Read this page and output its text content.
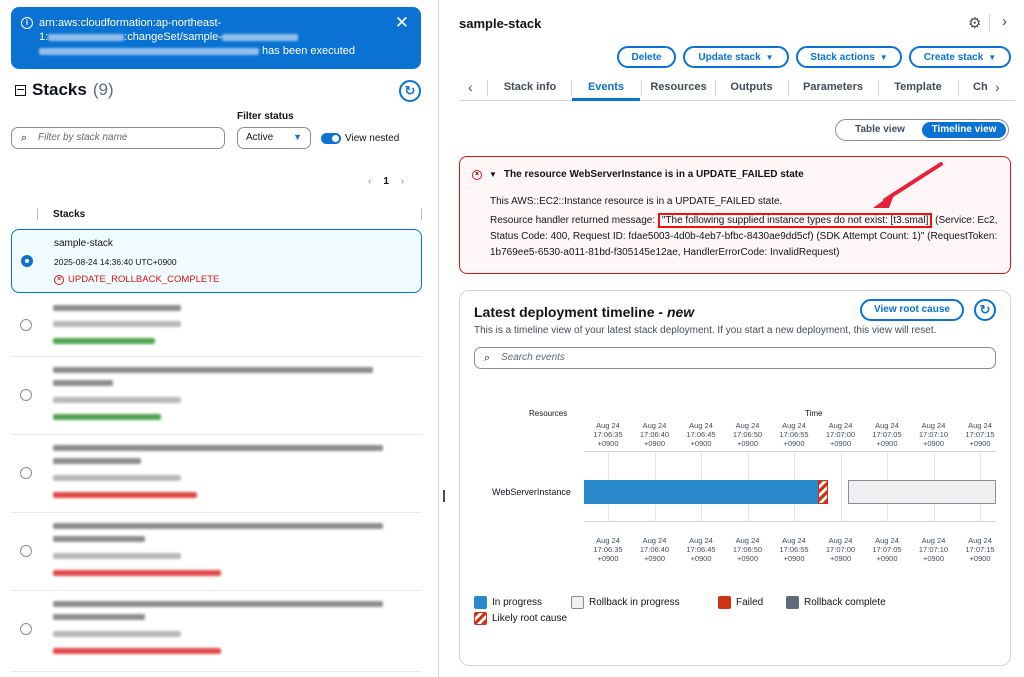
i arn:aws:cloudformation:ap-northeast-
1:	:changeSet/sample-
has been executed
✕
Stacks (9)	↻
Filter status
⌕ Filter by stack name	Active ▼	View nested
‹ 1 ›
Stacks
sample-stack
2025-08-24 14:36:40 UTC+0900
× UPDATE_ROLLBACK_COMPLETE
sample-stack	⚙ ›
Delete	Update stack ▼	Stack actions ▼	Create stack ▼
‹	Stack info	Events	Resources	Outputs	Parameters	Template	Ch ›
Table view	Timeline view
×	▼ The resource WebServerInstance is in a UPDATE_FAILED state
This AWS::EC2::Instance resource is in a UPDATE_FAILED state.
Resource handler returned message: "The following supplied instance types do not exist: [t3.smal] (Service: Ec2, Status Code: 400, Request ID: fdae5003-4d0b-4eb7-bfbc-8430ae9dd5cf) (SDK Attempt Count: 1)" (RequestToken: 1b769ee5-6530-a011-81bd-f305145e12ae, HandlerErrorCode: InvalidRequest)
Latest deployment timeline - new	View root cause	↻
This is a timeline view of your latest stack deployment. If you start a new deployment, this view will reset.
⌕ Search events
Resources	Time
Aug 24
17:06:35
+0900
Aug 24
17:06:40
+0900
Aug 24
17:06:45
+0900
Aug 24
17:06:50
+0900
Aug 24
17:06:55
+0900
Aug 24
17:07:00
+0900
Aug 24
17:07:05
+0900
Aug 24
17:07:10
+0900
Aug 24
17:07:15
+0900
Aug 24
17:06:35
+0900
Aug 24
17:06:40
+0900
Aug 24
17:06:45
+0900
Aug 24
17:06:50
+0900
Aug 24
17:06:55
+0900
Aug 24
17:07:00
+0900
Aug 24
17:07:05
+0900
Aug 24
17:07:10
+0900
Aug 24
17:07:15
+0900
WebServerInstance
In progress	Rollback in progress	Failed	Rollback complete
Likely root cause
